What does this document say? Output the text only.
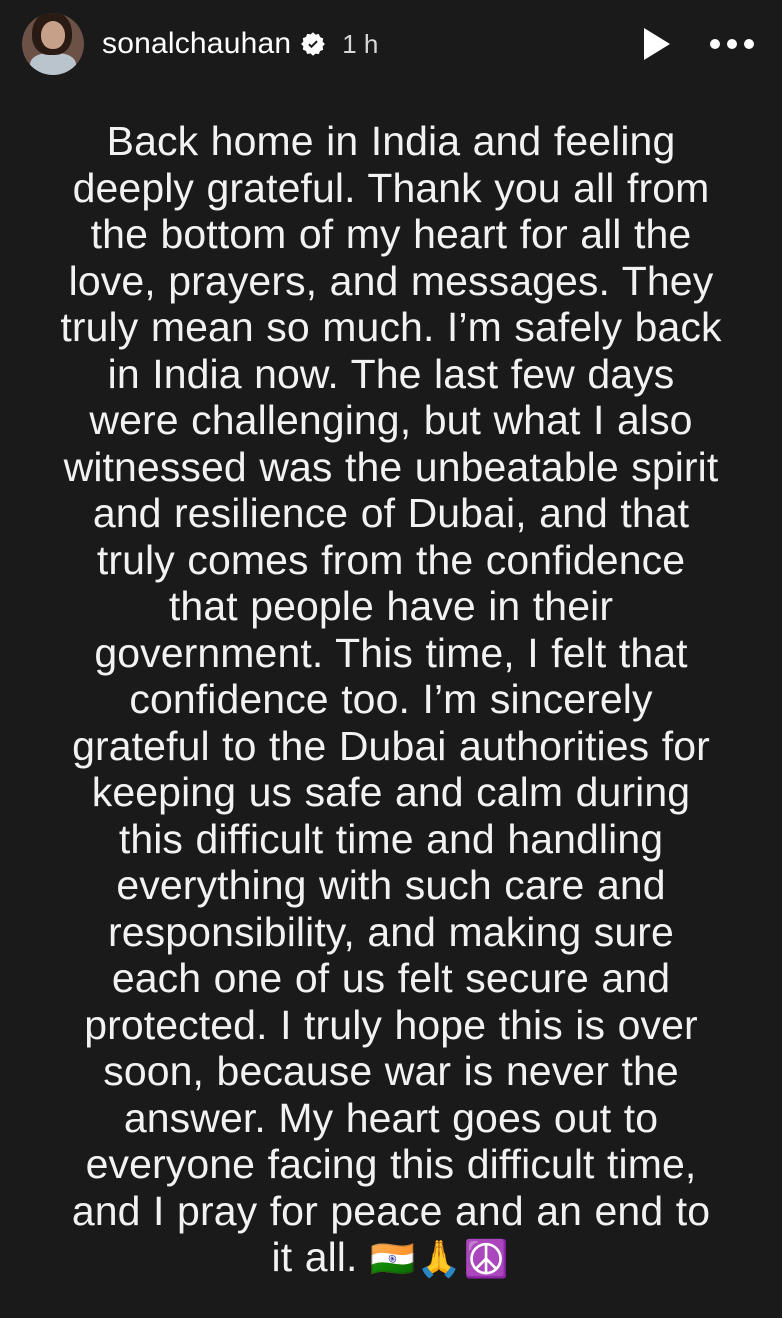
sonalchauhan 1 h
Back home in India and feeling deeply grateful. Thank you all from the bottom of my heart for all the love, prayers, and messages. They truly mean so much. I’m safely back in India now. The last few days were challenging, but what I also witnessed was the unbeatable spirit and resilience of Dubai, and that truly comes from the confidence that people have in their government. This time, I felt that confidence too. I’m sincerely grateful to the Dubai authorities for keeping us safe and calm during this difficult time and handling everything with such care and responsibility, and making sure each one of us felt secure and protected. I truly hope this is over soon, because war is never the answer. My heart goes out to everyone facing this difficult time, and I pray for peace and an end to it all. 🇮🇳🙏☮️
